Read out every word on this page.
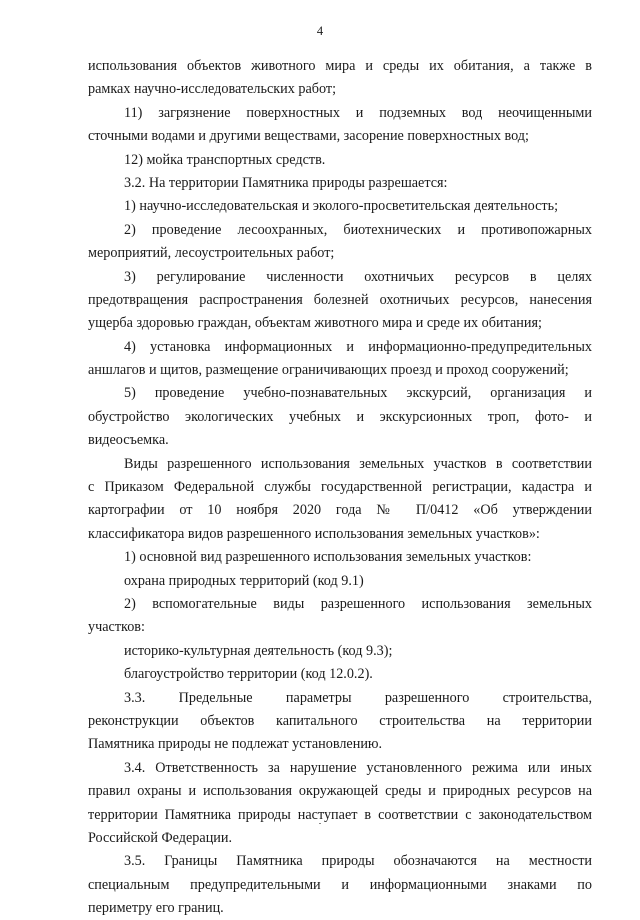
4
использования объектов животного мира и среды их обитания, а также в
рамках научно-исследовательских работ;
11) загрязнение поверхностных и подземных вод неочищенными
сточными водами и другими веществами, засорение поверхностных вод;
12) мойка транспортных средств.
3.2. На территории Памятника природы разрешается:
1) научно-исследовательская и эколого-просветительская деятельность;
2) проведение лесоохранных, биотехнических и противопожарных
мероприятий, лесоустроительных работ;
3) регулирование численности охотничьих ресурсов в целях
предотвращения распространения болезней охотничьих ресурсов, нанесения
ущерба здоровью граждан, объектам животного мира и среде их обитания;
4) установка информационных и информационно-предупредительных
аншлагов и щитов, размещение ограничивающих проезд и проход сооружений;
5) проведение учебно-познавательных экскурсий, организация и
обустройство экологических учебных и экскурсионных троп, фото- и
видеосъемка.
Виды разрешенного использования земельных участков в соответствии
с Приказом Федеральной службы государственной регистрации, кадастра и
картографии от 10 ноября 2020 года № П/0412 «Об утверждении
классификатора видов разрешенного использования земельных участков»:
1) основной вид разрешенного использования земельных участков:
охрана природных территорий (код 9.1)
2) вспомогательные виды разрешенного использования земельных
участков:
историко-культурная деятельность (код 9.3);
благоустройство территории (код 12.0.2).
3.3. Предельные параметры разрешенного строительства,
реконструкции объектов капитального строительства на территории
Памятника природы не подлежат установлению.
3.4. Ответственность за нарушение установленного режима или иных
правил охраны и использования окружающей среды и природных ресурсов на
территории Памятника природы наступает в соответствии с законодательством
Российской Федерации.
3.5. Границы Памятника природы обозначаются на местности
специальным предупредительными и информационными знаками по
периметру его границ.
